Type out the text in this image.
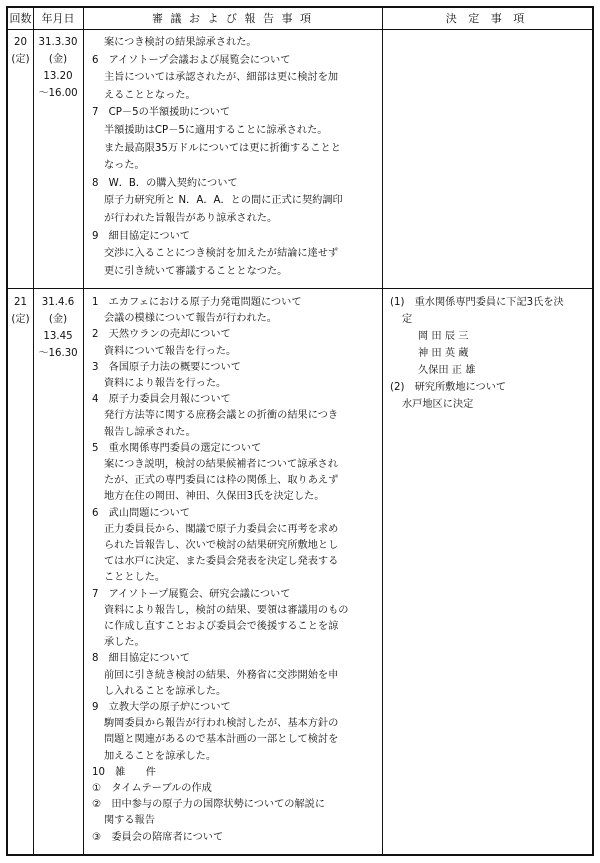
回数 年月日	審 議 お よ び 報 告 事 項	決 定 事 項
20
(定)
31.3.30
(金)
13.20
～16.00
案につき検討の結果諒承された。
6　アイソトープ会議および展覧会について
主旨については承認されたが、細部は更に検討を加
えることとなった。
7　CP－5の半額援助について
半額援助はCP－5に適用することに諒承された。
また最高限35万ドルについては更に折衝することと
なった。
8　W．B．の購入契約について
原子力研究所と N．A．A．との間に正式に契約調印
が行われた旨報告があり諒承された。
9　細目協定について
交渉に入ることにつき検討を加えたが結論に達せず
更に引き続いて審議することとなつた。
21
(定)
31.4.6
(金)
13.45
～16.30
1　エカフェにおける原子力発電問題について
会議の模様について報告が行われた。
2　天然ウランの売却について
資料について報告を行った。
3　各国原子力法の概要について
資料により報告を行った。
4　原子力委員会月報について
発行方法等に関する庶務会議との折衝の結果につき
報告し諒承された。
5　重水関係専門委員の選定について
案につき説明，検討の結果候補者について諒承され
たが、正式の専門委員には枠の関係上、取りあえず
地方在住の岡田、神田、久保田3氏を決定した。
6　武山問題について
正力委員長から、閣議で原子力委員会に再考を求め
られた旨報告し、次いで検討の結果研究所敷地とし
ては水戸に決定、また委員会発表を決定し発表する
こととした。
7　アイソトープ展覧会、研究会議について
資料により報告し，検討の結果、要領は審議用のもの
に作成し直すことおよび委員会で後援することを諒
承した。
8　細目協定について
前回に引き続き検討の結果、外務省に交渉開始を申
し入れることを諒承した。
9　立教大学の原子炉について
駒岡委員から報告が行われ検討したが、基本方針の
問題と関連があるので基本計画の一部として検討を
加えることを諒承した。
10　雑　　件
①　タイムテーブルの作成
②　田中参与の原子力の国際状勢についての解説に
関する報告
③　委員会の陪席者について
(1)　重水関係専門委員に下記3氏を決
定
岡 田 辰 三
神 田 英 蔵
久保田 正 雄
(2)　研究所敷地について
水戸地区に決定
